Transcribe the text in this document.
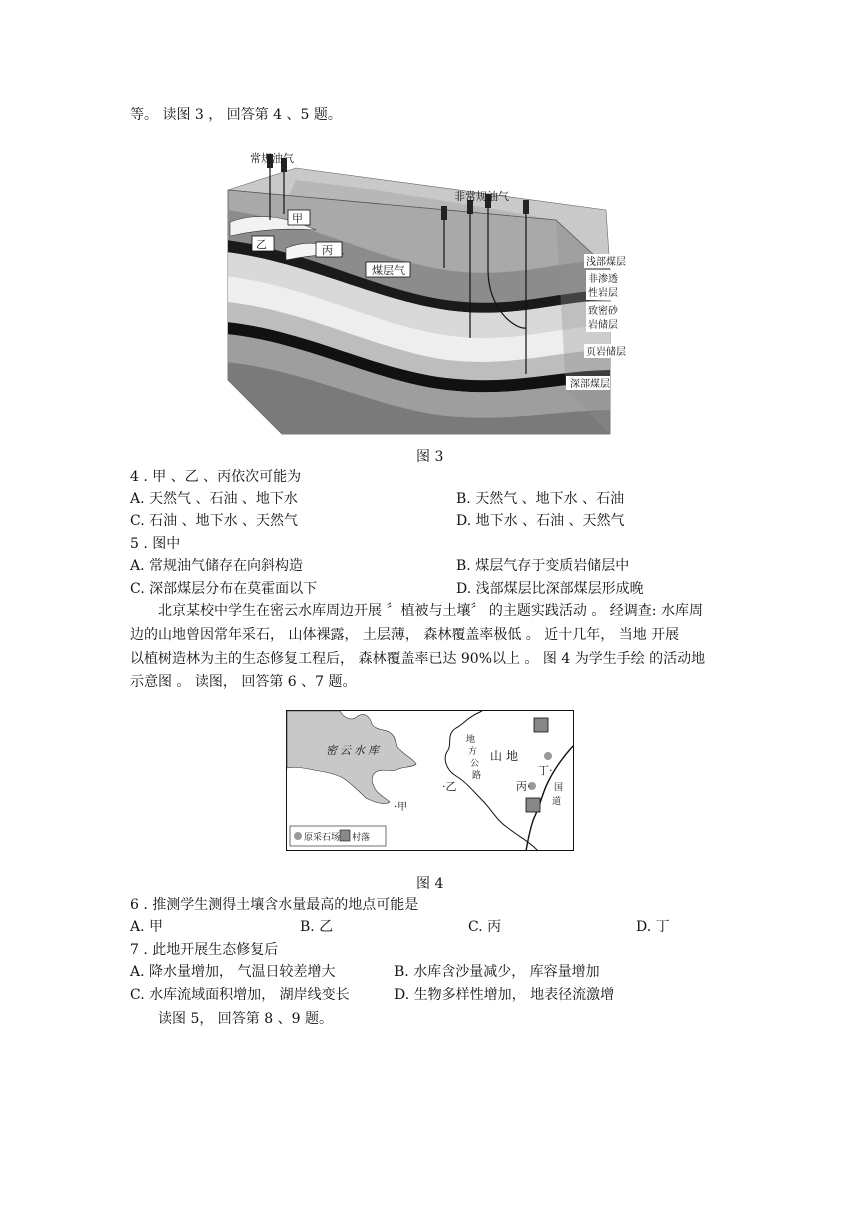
等。 读图 3 ， 回答第 4 、5 题。
常规油气
非常规油气
甲
乙	丙
煤层气
浅部煤层
非渗透
性岩层
致密砂
岩储层
页岩储层
深部煤层
图 3
4 . 甲 、乙 、丙依次可能为
A. 天然气 、石油 、地下水	B. 天然气 、地下水 、石油
C. 石油 、地下水 、天然气	D. 地下水 、石油 、天然气
5 . 图中
A. 常规油气储存在向斜构造	B. 煤层气存于变质岩储层中
C. 深部煤层分布在莫霍面以下	D. 浅部煤层比深部煤层形成晚
北京某校中学生在密云水库周边开展 〞植被与土壤〞 的主题实践活动 。 经调查: 水库周
边的山地曾因常年采石， 山体裸露， 土层薄， 森林覆盖率极低 。 近十几年， 当地 开展
以植树造林为主的生态修复工程后， 森林覆盖率已达 90%以上 。 图 4 为学生手绘 的活动地
示意图 。 读图， 回答第 6 、7 题。
原采石场 村落
密云水库
地
方
公
路
山地
·甲
·乙	丙·
丁·
国
道
图 4
6 . 推测学生测得土壤含水量最高的地点可能是
A. 甲	B. 乙	C. 丙	D. 丁
7 . 此地开展生态修复后
A. 降水量增加， 气温日较差增大	B. 水库含沙量减少， 库容量增加
C. 水库流域面积增加， 湖岸线变长	D. 生物多样性增加， 地表径流激增
读图 5， 回答第 8 、9 题。
